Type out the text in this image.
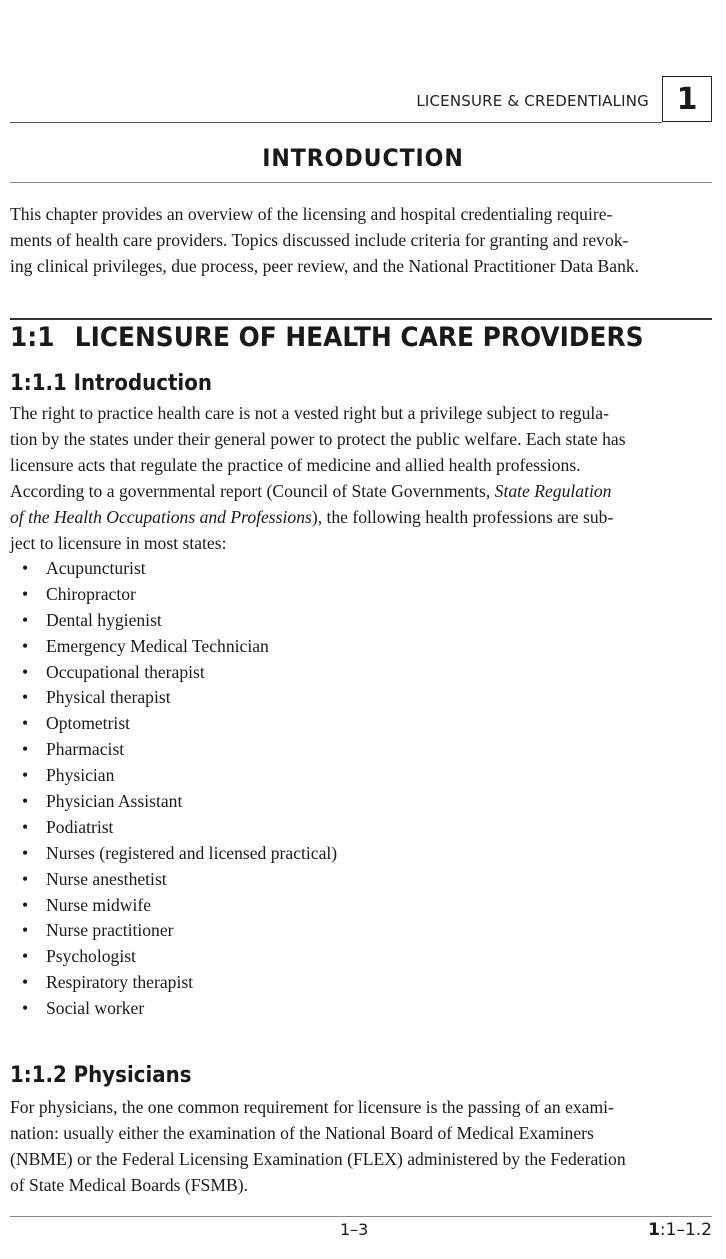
LICENSURE & CREDENTIALING 1
INTRODUCTION
This chapter provides an overview of the licensing and hospital credentialing require-
ments of health care providers. Topics discussed include criteria for granting and revok-
ing clinical privileges, due process, peer review, and the National Practitioner Data Bank.
1:1 LICENSURE OF HEALTH CARE PROVIDERS
1:1.1 Introduction
The right to practice health care is not a vested right but a privilege subject to regula-
tion by the states under their general power to protect the public welfare. Each state has
licensure acts that regulate the practice of medicine and allied health professions.
According to a governmental report (Council of State Governments, State Regulation
of the Health Occupations and Professions), the following health professions are sub-
ject to licensure in most states:
• Acupuncturist
• Chiropractor
• Dental hygienist
• Emergency Medical Technician
• Occupational therapist
• Physical therapist
• Optometrist
• Pharmacist
• Physician
• Physician Assistant
• Podiatrist
• Nurses (registered and licensed practical)
• Nurse anesthetist
• Nurse midwife
• Nurse practitioner
• Psychologist
• Respiratory therapist
• Social worker
1:1.2 Physicians
For physicians, the one common requirement for licensure is the passing of an exami-
nation: usually either the examination of the National Board of Medical Examiners
(NBME) or the Federal Licensing Examination (FLEX) administered by the Federation
of State Medical Boards (FSMB).
1–3	1:1–1.2
